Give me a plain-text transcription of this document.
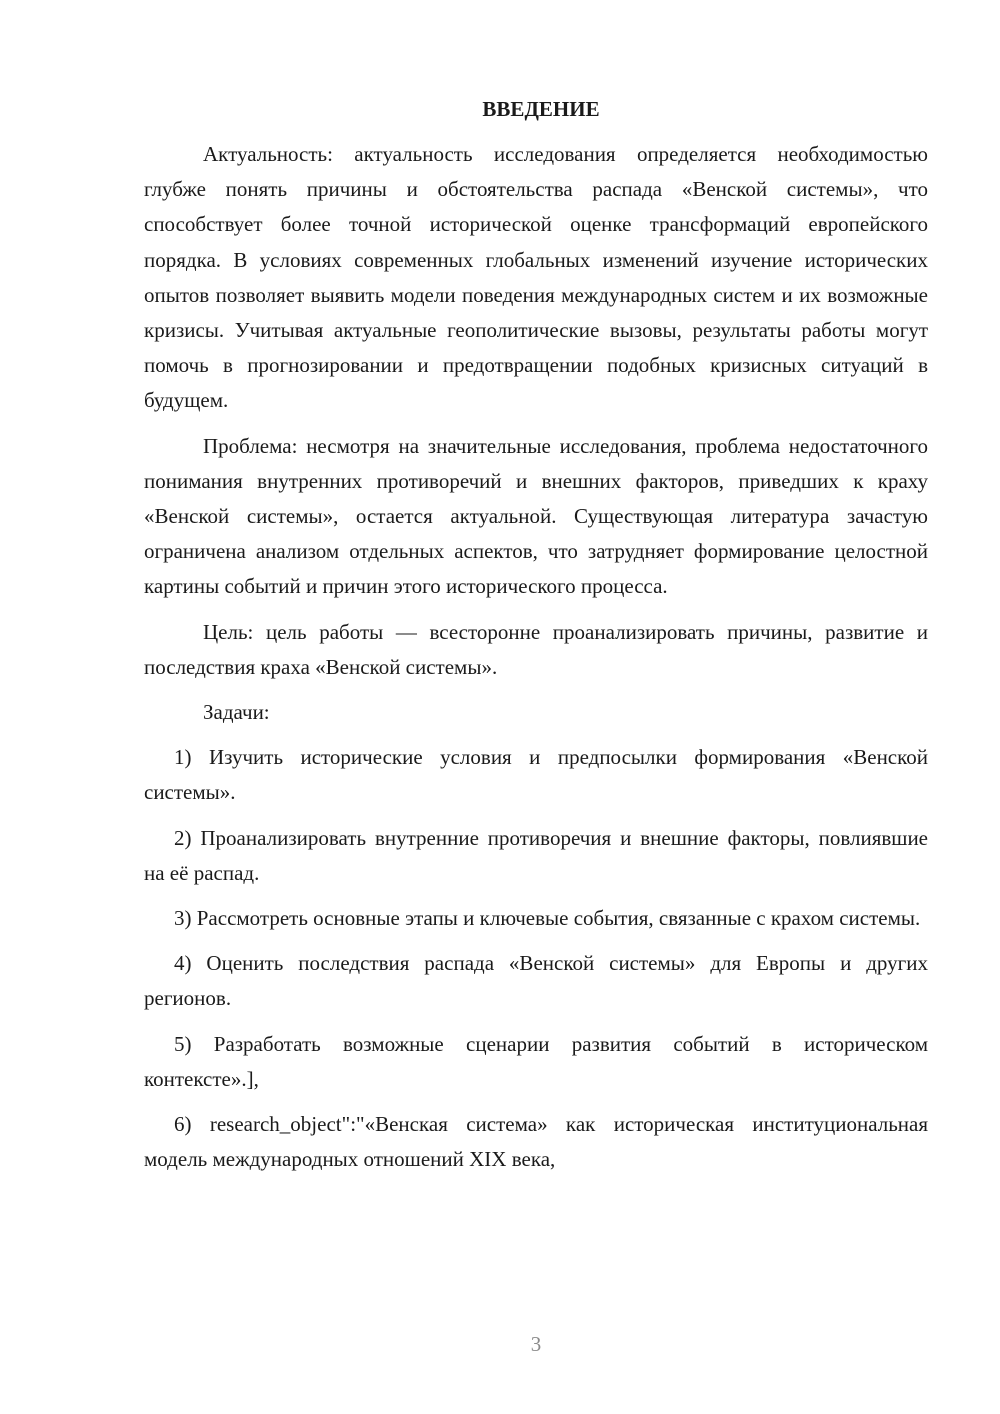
ВВЕДЕНИЕ

Актуальность: актуальность исследования определяется необходимостью глубже понять причины и обстоятельства распада «Венской системы», что способствует более точной исторической оценке трансформаций европейского порядка. В условиях современных глобальных изменений изучение исторических опытов позволяет выявить модели поведения международных систем и их возможные кризисы. Учитывая актуальные геополитические вызовы, результаты работы могут помочь в прогнозировании и предотвращении подобных кризисных ситуаций в будущем.

Проблема: несмотря на значительные исследования, проблема недостаточного понимания внутренних противоречий и внешних факторов, приведших к краху «Венской системы», остается актуальной. Существующая литература зачастую ограничена анализом отдельных аспектов, что затрудняет формирование целостной картины событий и причин этого исторического процесса.

Цель: цель работы — всесторонне проанализировать причины, развитие и последствия краха «Венской системы».

Задачи:

1) Изучить исторические условия и предпосылки формирования «Венской системы».

2) Проанализировать внутренние противоречия и внешние факторы, повлиявшие на её распад.

3) Рассмотреть основные этапы и ключевые события, связанные с крахом системы.

4) Оценить последствия распада «Венской системы» для Европы и других регионов.

5) Разработать возможные сценарии развития событий в историческом контексте».],

6) research_object":"«Венская система» как историческая институциональная модель международных отношений XIX века,

3
